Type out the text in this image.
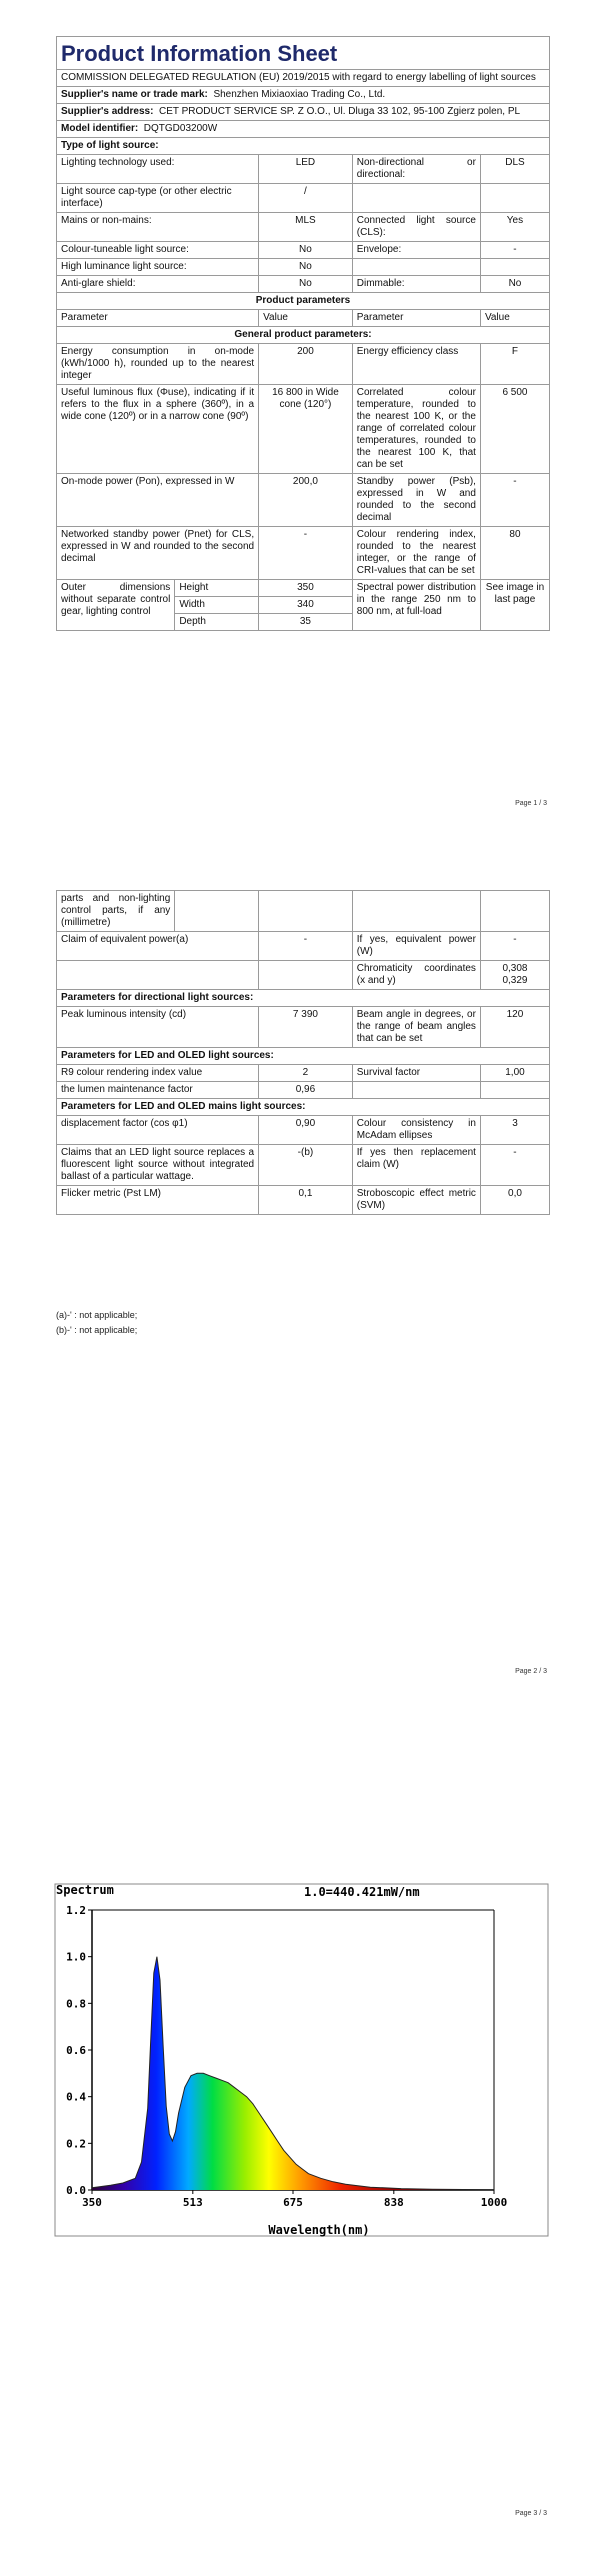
Product Information Sheet				
COMMISSION DELEGATED REGULATION (EU) 2019/2015 with regard to energy labelling of light sources				
Supplier's name or trade mark: Shenzhen Mixiaoxiao Trading Co., Ltd.				
Supplier's address: CET PRODUCT SERVICE SP. Z O.O., Ul. Dluga 33 102, 95-100 Zgierz polen, PL				
Model identifier: DQTGD03200W				
Type of light source:				
Lighting technology used:		LED	Non-directional or directional:	DLS
Light source cap-type (or other electric interface)		/		
Mains or non-mains:		MLS	Connected light source (CLS):	Yes
Colour-tuneable light source:		No	Envelope:	-
High luminance light source:		No		
Anti-glare shield:		No	Dimmable:	No
Product parameters				
Parameter		Value	Parameter	Value
General product parameters:				
Energy consumption in on-mode (kWh/1000 h), rounded up to the nearest integer		200	Energy efficiency class	F
Useful luminous flux (Φuse), indicating if it refers to the flux in a sphere (360º), in a wide cone (120º) or in a narrow cone (90º)		16 800 in Wide cone (120°)	Correlated colour temperature, rounded to the nearest 100 K, or the range of correlated colour temperatures, rounded to the nearest 100 K, that can be set	6 500
On-mode power (Pon), expressed in W		200,0	Standby power (Psb), expressed in W and rounded to the second decimal	-
Networked standby power (Pnet) for CLS, expressed in W and rounded to the second decimal		-	Colour rendering index, rounded to the nearest integer, or the range of CRI-values that can be set	80
Outer dimensions without separate control gear, lighting control	Height	350	Spectral power distribution in the range 250 nm to 800 nm, at full-load	See image in last page
	Width	340		
	Depth	35		
Page 1 / 3
parts and non-lighting control parts, if any (millimetre)				
Claim of equivalent power(a)		-	If yes, equivalent power (W)	-
			Chromaticity coordinates (x and y)	0,308
0,329
Parameters for directional light sources:				
Peak luminous intensity (cd)		7 390	Beam angle in degrees, or the range of beam angles that can be set	120
Parameters for LED and OLED light sources:				
R9 colour rendering index value		2	Survival factor	1,00
the lumen maintenance factor		0,96		
Parameters for LED and OLED mains light sources:				
displacement factor (cos φ1)		0,90	Colour consistency in McAdam ellipses	3
Claims that an LED light source replaces a fluorescent light source without integrated ballast of a particular wattage.		-(b)	If yes then replacement claim (W)	-
Flicker metric (Pst LM)		0,1	Stroboscopic effect metric (SVM)	0,0
(a)-' : not applicable;
(b)-' : not applicable;
Page 2 / 3
Spectrum	1.0=440.421mW/nm
0.0
0.2
0.4
0.6
0.8
1.0
1.2
350	513	675	838	1000
Wavelength(nm)
Page 3 / 3
